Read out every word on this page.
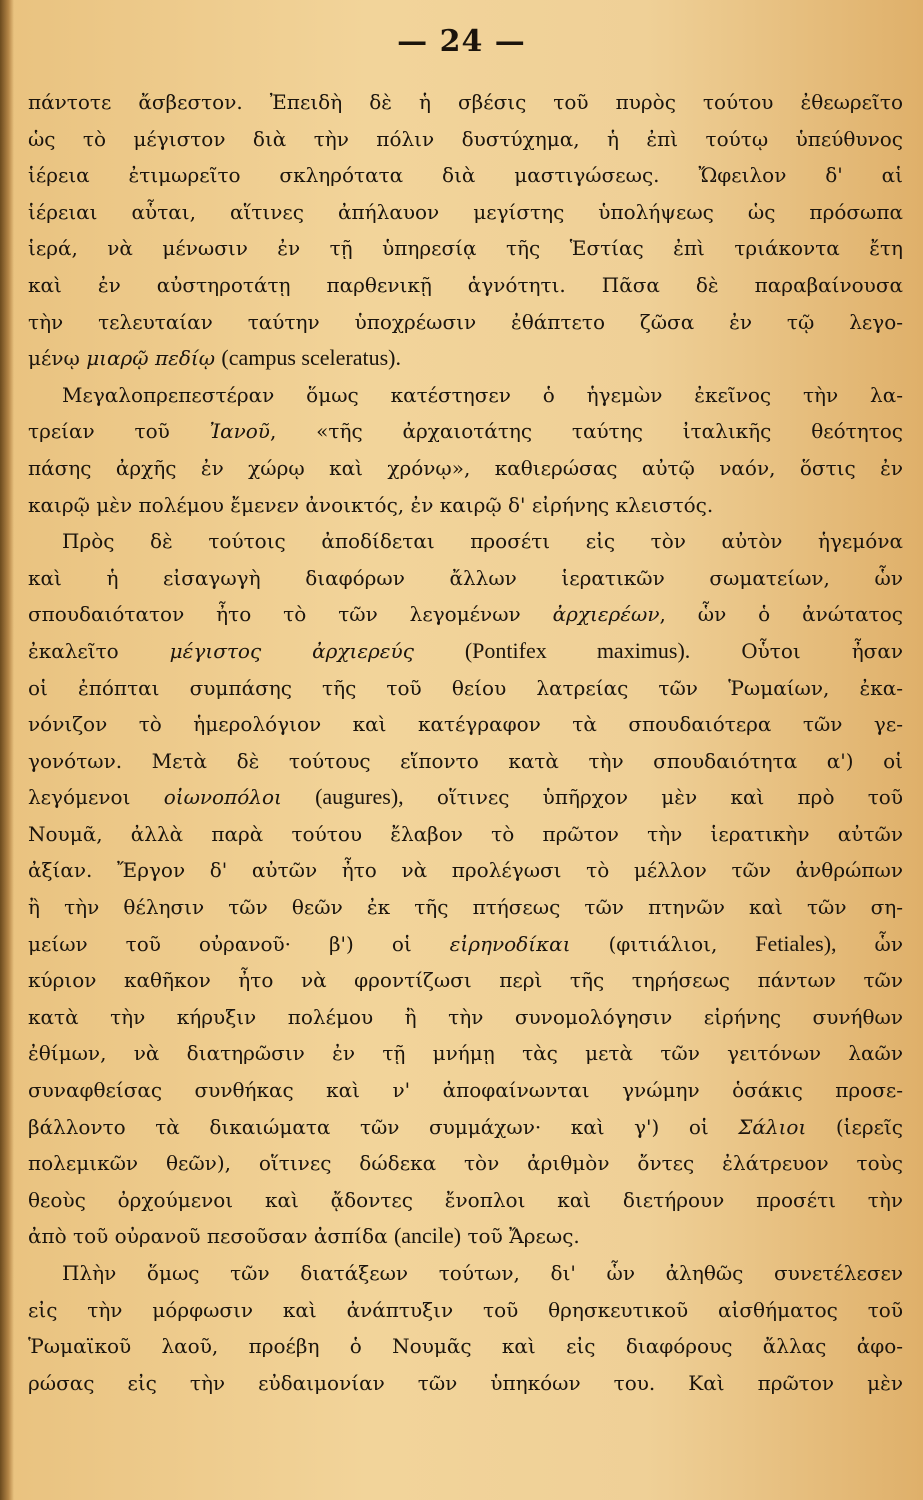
— 24 —
πάντοτε ἄσβεστον. Ἐπειδὴ δὲ ἡ σβέσις τοῦ πυρὸς τούτου ἐθεωρεῖτο
ὡς τὸ μέγιστον διὰ τὴν πόλιν δυστύχημα, ἡ ἐπὶ τούτῳ ὑπεύθυνος
ἱέρεια ἐτιμωρεῖτο σκληρότατα διὰ μαστιγώσεως. Ὤφειλον δ' αἱ
ἱέρειαι αὗται, αἵτινες ἀπήλαυον μεγίστης ὑπολήψεως ὡς πρόσωπα
ἱερά, νὰ μένωσιν ἐν τῇ ὑπηρεσίᾳ τῆς Ἑστίας ἐπὶ τριάκοντα ἔτη
καὶ ἐν αὐστηροτάτῃ παρθενικῇ ἁγνότητι. Πᾶσα δὲ παραβαίνουσα
τὴν τελευταίαν ταύτην ὑποχρέωσιν ἐθάπτετο ζῶσα ἐν τῷ λεγο-
μένῳ μιαρῷ πεδίῳ (campus sceleratus).
Μεγαλοπρεπεστέραν ὅμως κατέστησεν ὁ ἡγεμὼν ἐκεῖνος τὴν λα-
τρείαν τοῦ Ἰανοῦ, «τῆς ἀρχαιοτάτης ταύτης ἰταλικῆς θεότητος
πάσης ἀρχῆς ἐν χώρῳ καὶ χρόνῳ», καθιερώσας αὐτῷ ναόν, ὅστις ἐν
καιρῷ μὲν πολέμου ἔμενεν ἀνοικτός, ἐν καιρῷ δ' εἰρήνης κλειστός.
Πρὸς δὲ τούτοις ἀποδίδεται προσέτι εἰς τὸν αὐτὸν ἡγεμόνα
καὶ ἡ εἰσαγωγὴ διαφόρων ἄλλων ἱερατικῶν σωματείων, ὧν
σπουδαιότατον ἦτο τὸ τῶν λεγομένων ἀρχιερέων, ὧν ὁ ἀνώτατος
ἐκαλεῖτο μέγιστος ἀρχιερεύς (Pontifex maximus). Οὗτοι ἦσαν
οἱ ἐπόπται συμπάσης τῆς τοῦ θείου λατρείας τῶν Ῥωμαίων, ἐκα-
νόνιζον τὸ ἡμερολόγιον καὶ κατέγραφον τὰ σπουδαιότερα τῶν γε-
γονότων. Μετὰ δὲ τούτους εἵποντο κατὰ τὴν σπουδαιότητα α') οἱ
λεγόμενοι οἰωνοπόλοι (augures), οἵτινες ὑπῆρχον μὲν καὶ πρὸ τοῦ
Νουμᾶ, ἀλλὰ παρὰ τούτου ἔλαβον τὸ πρῶτον τὴν ἱερατικὴν αὐτῶν
ἀξίαν. Ἔργον δ' αὐτῶν ἦτο νὰ προλέγωσι τὸ μέλλον τῶν ἀνθρώπων
ἢ τὴν θέλησιν τῶν θεῶν ἐκ τῆς πτήσεως τῶν πτηνῶν καὶ τῶν ση-
μείων τοῦ οὐρανοῦ· β') οἱ εἰρηνοδίκαι (φιτιάλιοι, Fetiales), ὧν
κύριον καθῆκον ἦτο νὰ φροντίζωσι περὶ τῆς τηρήσεως πάντων τῶν
κατὰ τὴν κήρυξιν πολέμου ἢ τὴν συνομολόγησιν εἰρήνης συνήθων
ἐθίμων, νὰ διατηρῶσιν ἐν τῇ μνήμῃ τὰς μετὰ τῶν γειτόνων λαῶν
συναφθείσας συνθήκας καὶ ν' ἀποφαίνωνται γνώμην ὁσάκις προσε-
βάλλοντο τὰ δικαιώματα τῶν συμμάχων· καὶ γ') οἱ Σάλιοι (ἱερεῖς
πολεμικῶν θεῶν), οἵτινες δώδεκα τὸν ἀριθμὸν ὄντες ἐλάτρευον τοὺς
θεοὺς ὀρχούμενοι καὶ ᾄδοντες ἔνοπλοι καὶ διετήρουν προσέτι τὴν
ἀπὸ τοῦ οὐρανοῦ πεσοῦσαν ἀσπίδα (ancile) τοῦ Ἄρεως.
Πλὴν ὅμως τῶν διατάξεων τούτων, δι' ὧν ἀληθῶς συνετέλεσεν
εἰς τὴν μόρφωσιν καὶ ἀνάπτυξιν τοῦ θρησκευτικοῦ αἰσθήματος τοῦ
Ῥωμαϊκοῦ λαοῦ, προέβη ὁ Νουμᾶς καὶ εἰς διαφόρους ἄλλας ἀφο-
ρώσας εἰς τὴν εὐδαιμονίαν τῶν ὑπηκόων του. Καὶ πρῶτον μὲν
